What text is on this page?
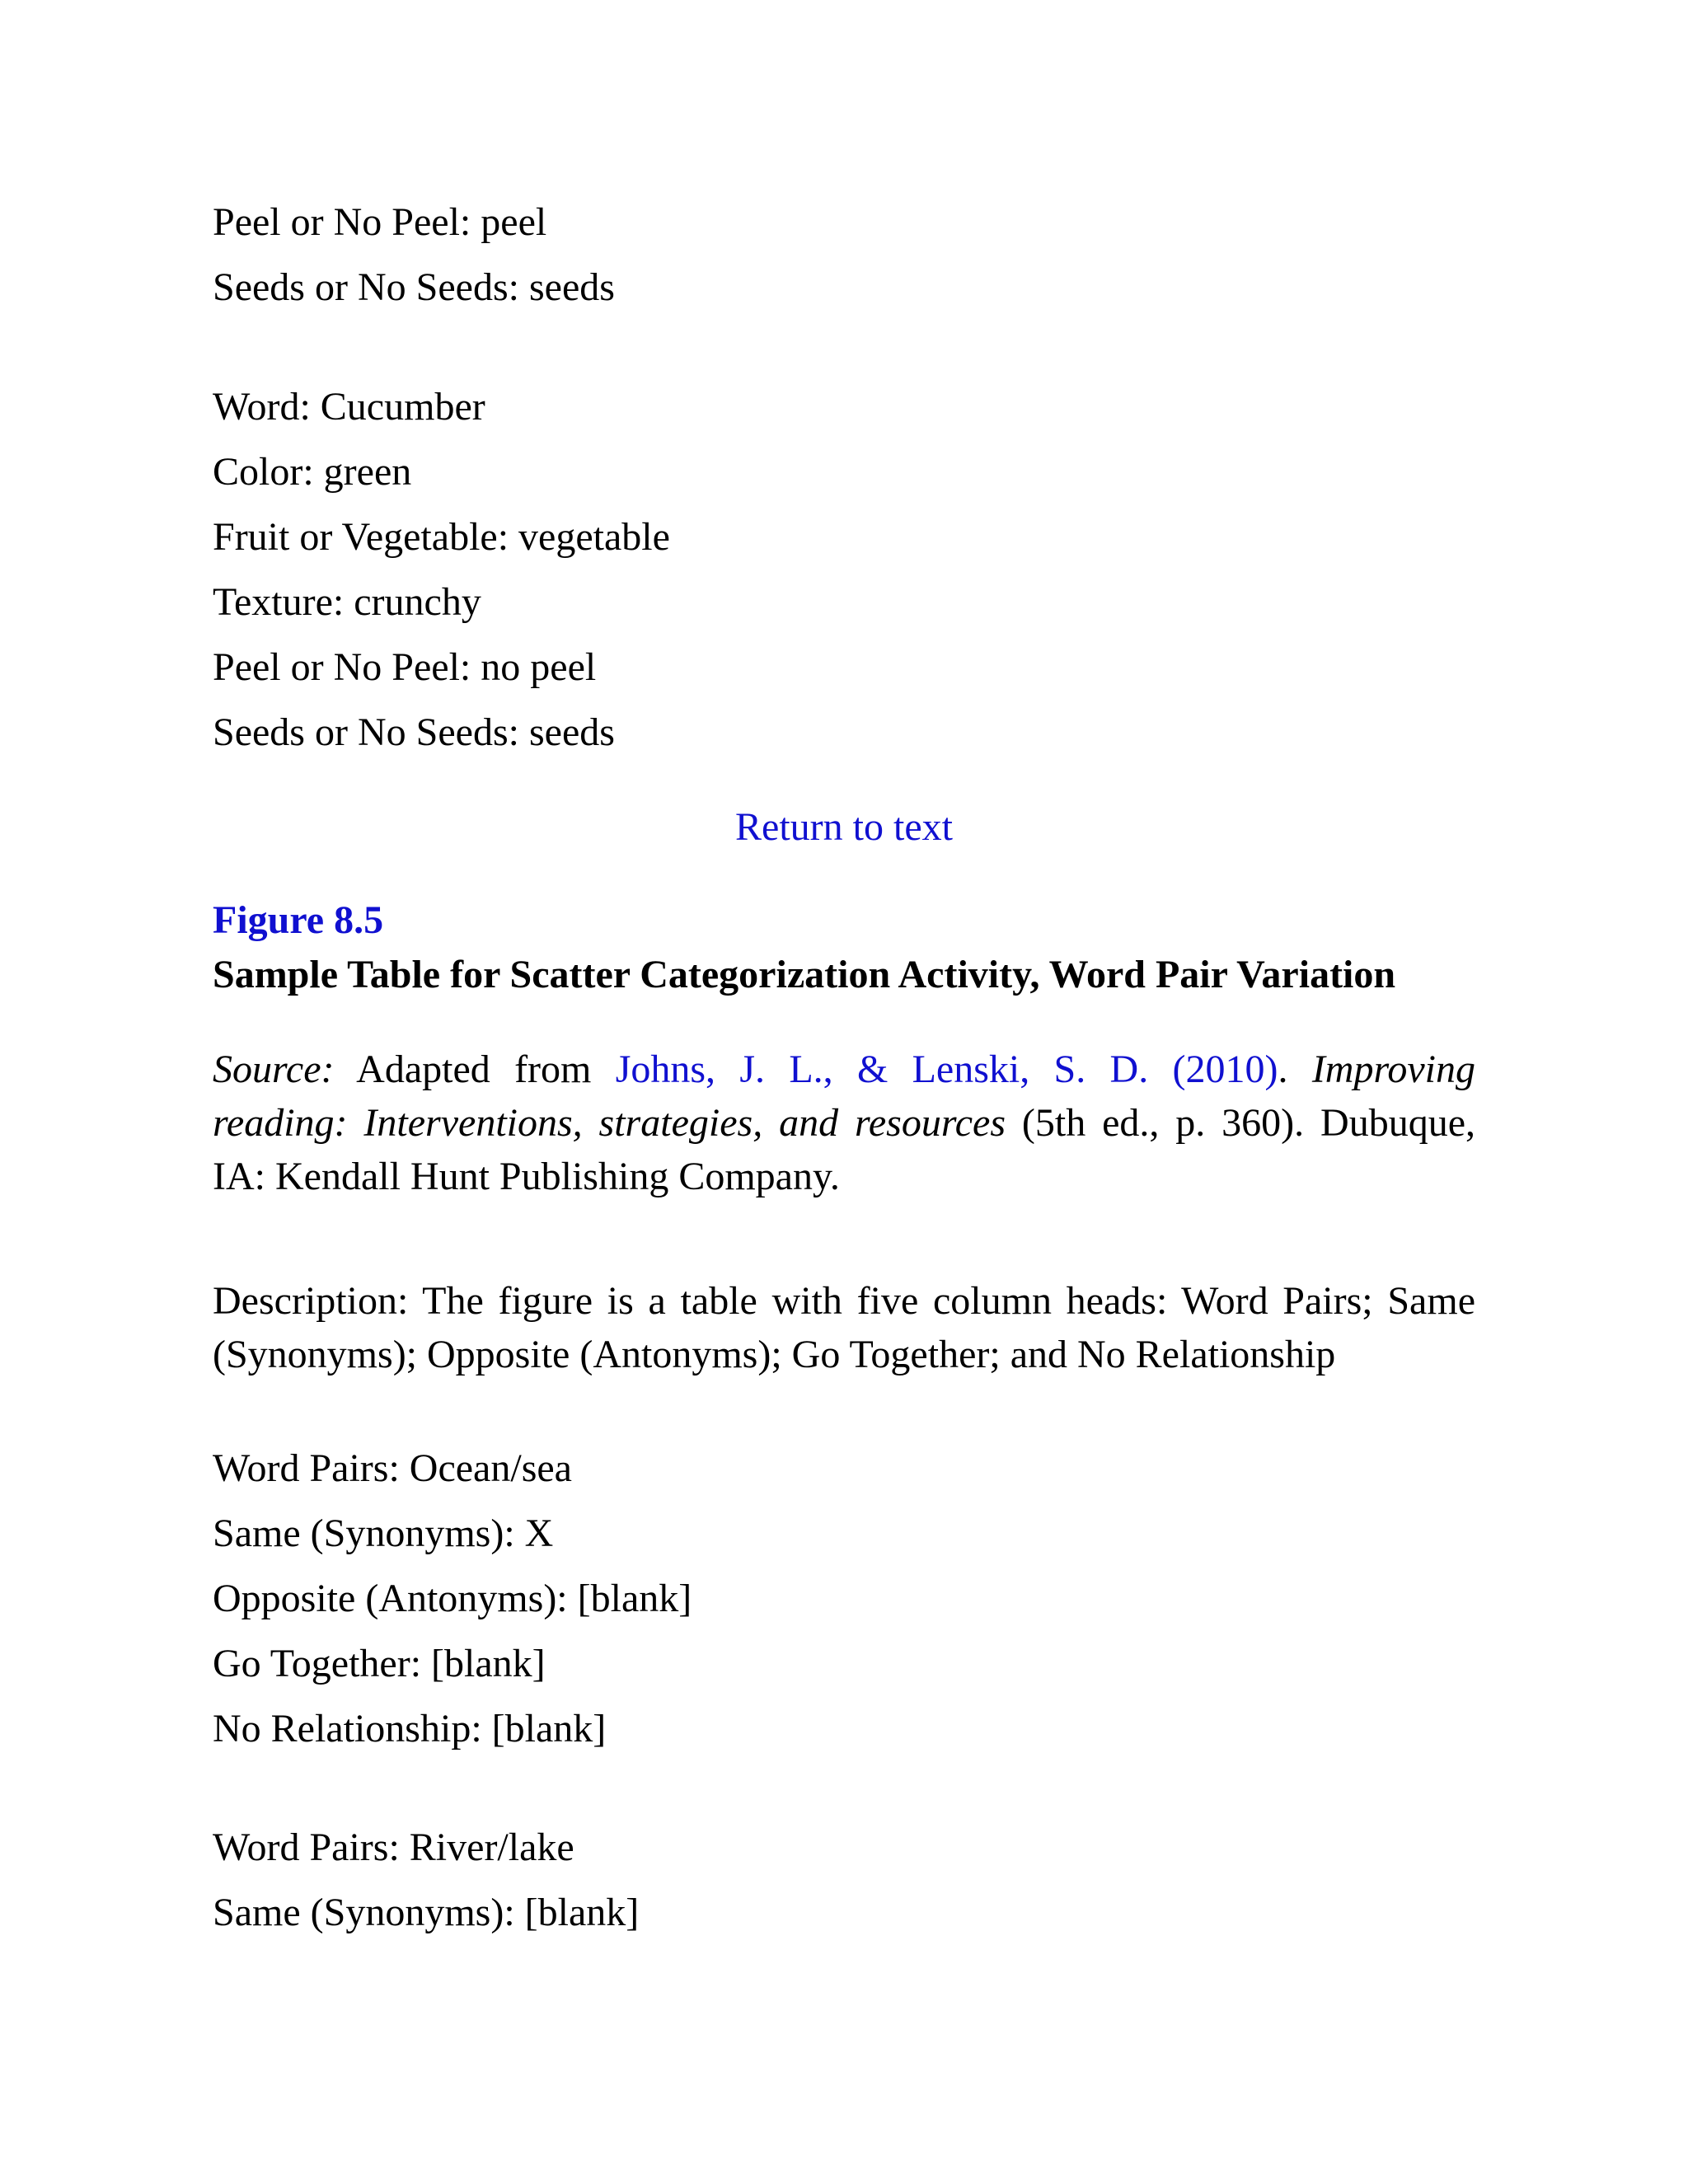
Peel or No Peel: peel
Seeds or No Seeds: seeds
Word: Cucumber
Color: green
Fruit or Vegetable: vegetable
Texture: crunchy
Peel or No Peel: no peel
Seeds or No Seeds: seeds
Return to text
Figure 8.5
Sample Table for Scatter Categorization Activity, Word Pair Variation
Source: Adapted from Johns, J. L., & Lenski, S. D. (2010). Improving
reading: Interventions, strategies, and resources (5th ed., p. 360). Dubuque,
IA: Kendall Hunt Publishing Company.
Description: The figure is a table with five column heads: Word Pairs; Same
(Synonyms); Opposite (Antonyms); Go Together; and No Relationship
Word Pairs: Ocean/sea
Same (Synonyms): X
Opposite (Antonyms): [blank]
Go Together: [blank]
No Relationship: [blank]
Word Pairs: River/lake
Same (Synonyms): [blank]
